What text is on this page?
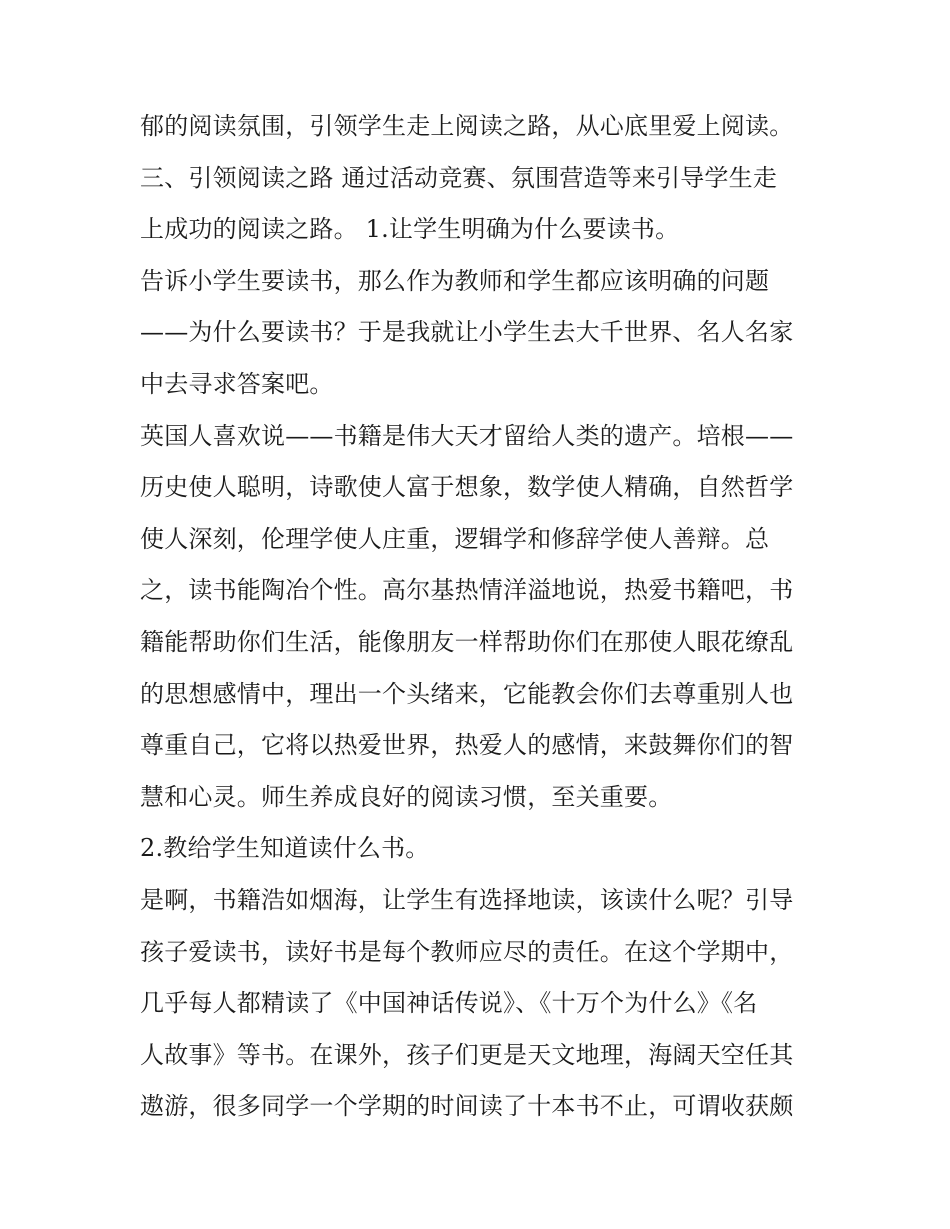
郁的阅读氛围，引领学生走上阅读之路，从心底里爱上阅读。
三、引领阅读之路 通过活动竞赛、氛围营造等来引导学生走
上成功的阅读之路。 1.让学生明确为什么要读书。
告诉小学生要读书，那么作为教师和学生都应该明确的问题
——为什么要读书？于是我就让小学生去大千世界、名人名家
中去寻求答案吧。
英国人喜欢说——书籍是伟大天才留给人类的遗产。培根——
历史使人聪明，诗歌使人富于想象，数学使人精确，自然哲学
使人深刻，伦理学使人庄重，逻辑学和修辞学使人善辩。总
之，读书能陶冶个性。高尔基热情洋溢地说，热爱书籍吧，书
籍能帮助你们生活，能像朋友一样帮助你们在那使人眼花缭乱
的思想感情中，理出一个头绪来，它能教会你们去尊重别人也
尊重自己，它将以热爱世界，热爱人的感情，来鼓舞你们的智
慧和心灵。师生养成良好的阅读习惯，至关重要。
2.教给学生知道读什么书。
是啊，书籍浩如烟海，让学生有选择地读，该读什么呢？引导
孩子爱读书，读好书是每个教师应尽的责任。在这个学期中，
几乎每人都精读了《中国神话传说》、《十万个为什么》《名
人故事》等书。在课外，孩子们更是天文地理，海阔天空任其
遨游，很多同学一个学期的时间读了十本书不止，可谓收获颇
